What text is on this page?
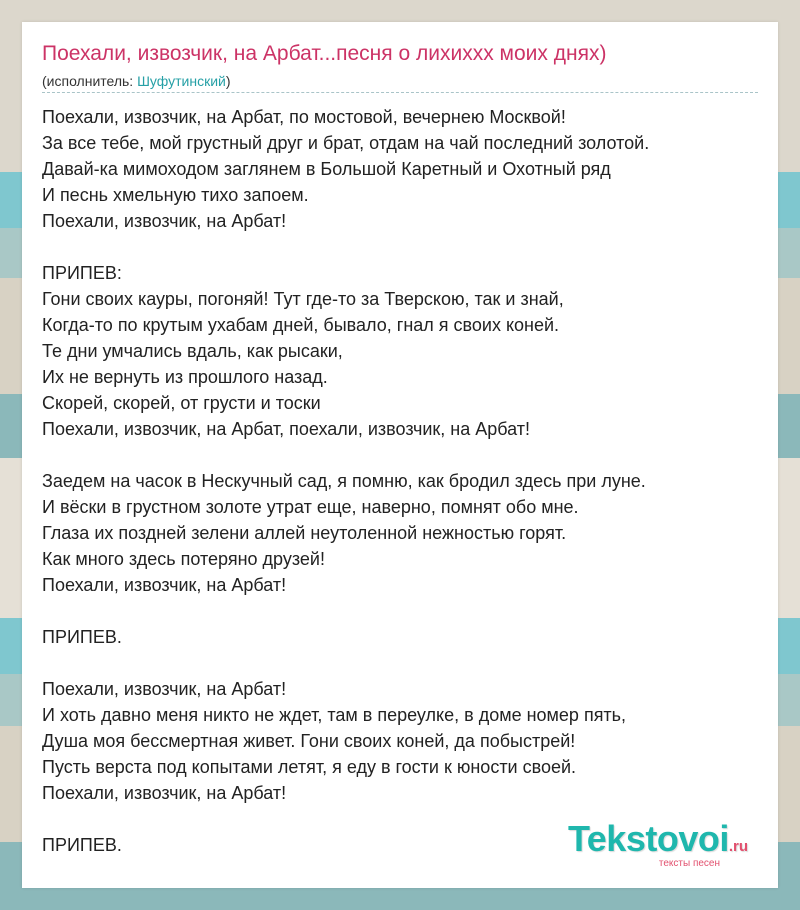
Поехали, извозчик, на Арбат...песня о лихиххх моих днях)
(исполнитель: Шуфутинский)
Поехали, извозчик, на Арбат, по мостовой, вечернею Москвой!
За все тебе, мой грустный друг и брат, отдам на чай последний золотой.
Давай-ка мимоходом заглянем в Большой Каретный и Охотный ряд
И песнь хмельную тихо запоем.
Поехали, извозчик, на Арбат!
ПРИПЕВ:
Гони своих кауры, погоняй! Тут где-то за Тверскою, так и знай,
Когда-то по крутым ухабам дней, бывало, гнал я своих коней.
Те дни умчались вдаль, как рысаки,
Их не вернуть из прошлого назад.
Скорей, скорей, от грусти и тоски
Поехали, извозчик, на Арбат, поехали, извозчик, на Арбат!
Заедем на часок в Нескучный сад, я помню, как бродил здесь при луне.
И вёски в грустном золоте утрат еще, наверно, помнят обо мне.
Глаза их поздней зелени аллей неутоленной нежностью горят.
Как много здесь потеряно друзей!
Поехали, извозчик, на Арбат!
ПРИПЕВ.
Поехали, извозчик, на Арбат!
И хоть давно меня никто не ждет, там в переулке, в доме номер пять,
Душа моя бессмертная живет. Гони своих коней, да побыстрей!
Пусть верста под копытами летят, я еду в гости к юности своей.
Поехали, извозчик, на Арбат!
ПРИПЕВ.	Tekstovoi.ru
тексты песен
